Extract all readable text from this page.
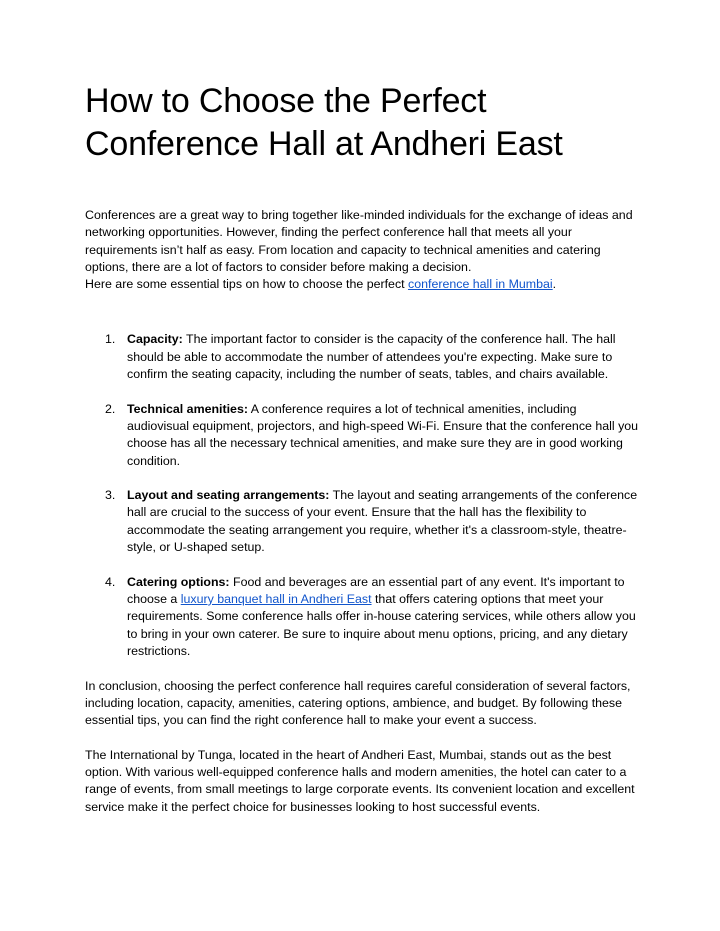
How to Choose the Perfect Conference Hall at Andheri East

Conferences are a great way to bring together like-minded individuals for the exchange of ideas and networking opportunities. However, finding the perfect conference hall that meets all your requirements isn’t half as easy. From location and capacity to technical amenities and catering options, there are a lot of factors to consider before making a decision.

Here are some essential tips on how to choose the perfect conference hall in Mumbai.

1. Capacity: The important factor to consider is the capacity of the conference hall. The hall should be able to accommodate the number of attendees you're expecting. Make sure to confirm the seating capacity, including the number of seats, tables, and chairs available.
2. Technical amenities: A conference requires a lot of technical amenities, including audiovisual equipment, projectors, and high-speed Wi-Fi. Ensure that the conference hall you choose has all the necessary technical amenities, and make sure they are in good working condition.
3. Layout and seating arrangements: The layout and seating arrangements of the conference hall are crucial to the success of your event. Ensure that the hall has the flexibility to accommodate the seating arrangement you require, whether it's a classroom-style, theatre-style, or U-shaped setup.
4. Catering options: Food and beverages are an essential part of any event. It's important to choose a luxury banquet hall in Andheri East that offers catering options that meet your requirements. Some conference halls offer in-house catering services, while others allow you to bring in your own caterer. Be sure to inquire about menu options, pricing, and any dietary restrictions.

In conclusion, choosing the perfect conference hall requires careful consideration of several factors, including location, capacity, amenities, catering options, ambience, and budget. By following these essential tips, you can find the right conference hall to make your event a success.

The International by Tunga, located in the heart of Andheri East, Mumbai, stands out as the best option. With various well-equipped conference halls and modern amenities, the hotel can cater to a range of events, from small meetings to large corporate events. Its convenient location and excellent service make it the perfect choice for businesses looking to host successful events.
